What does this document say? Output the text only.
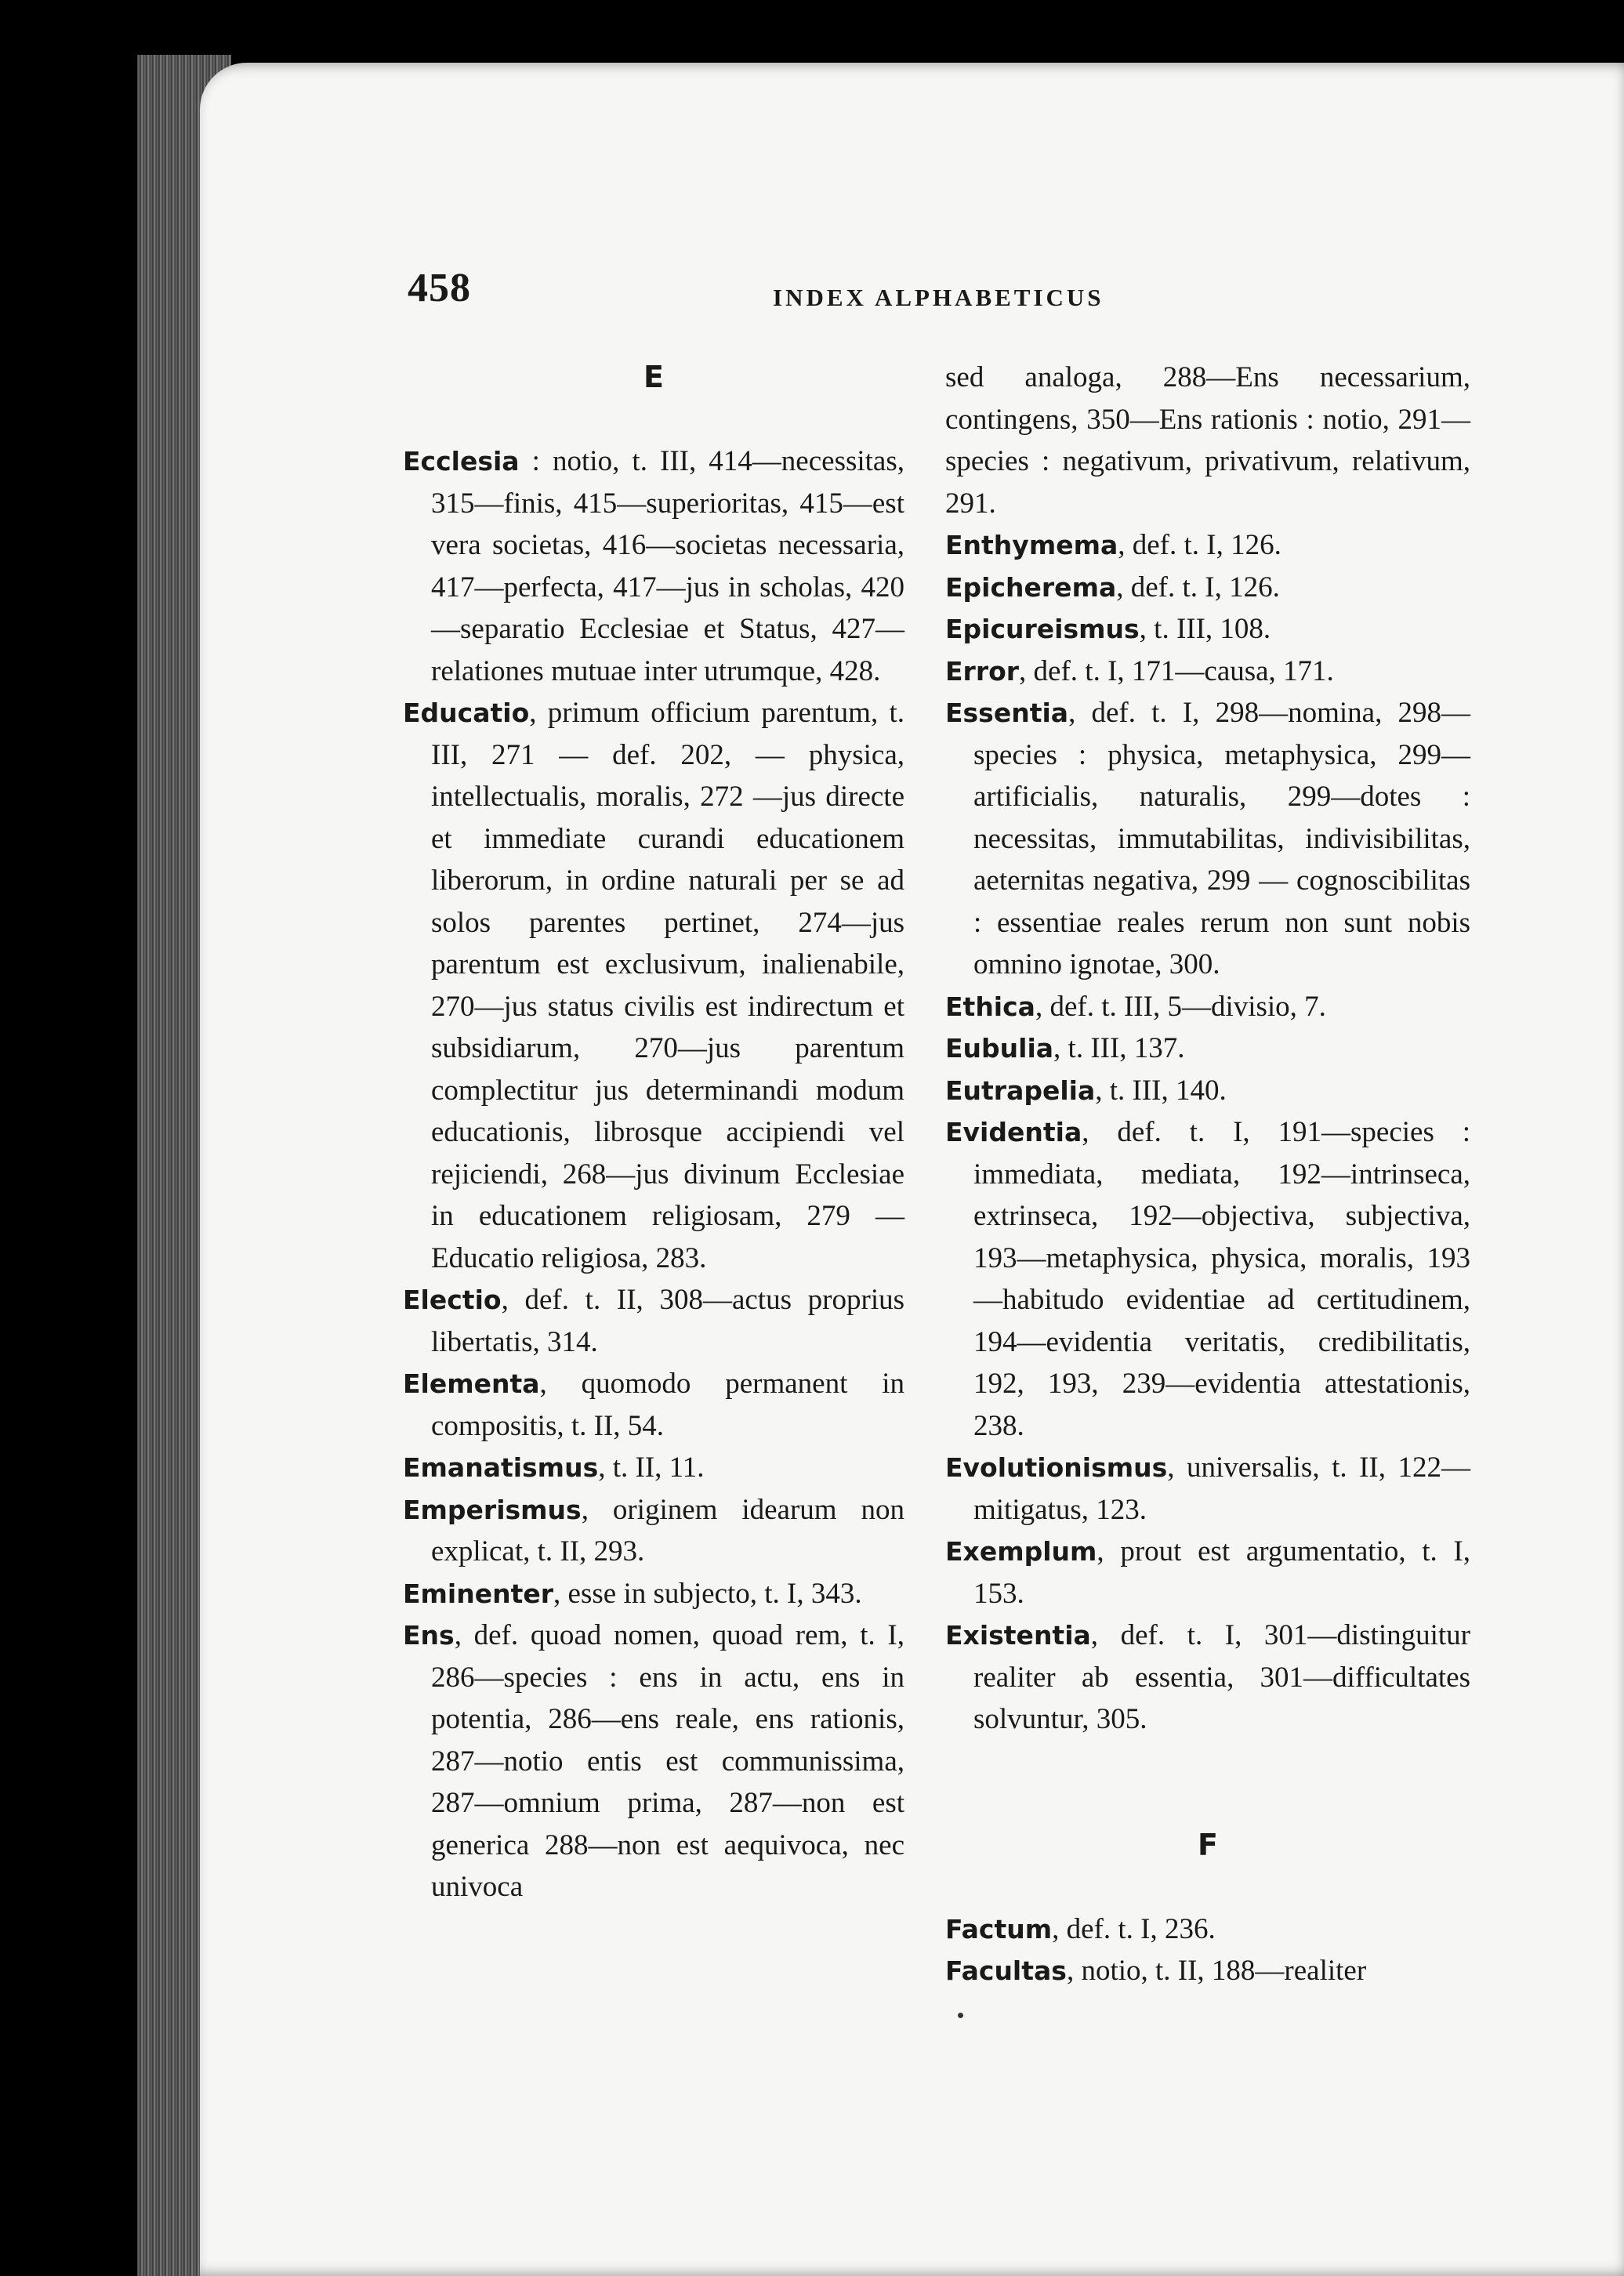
458	INDEX ALPHABETICUS
E

Ecclesia : notio, t. III, 414—necessitas, 315—finis, 415—superioritas, 415—est vera societas, 416—societas necessaria, 417—perfecta, 417—jus in scholas, 420—separatio Ecclesiae et Status, 427—relationes mutuae inter utrumque, 428.

Educatio, primum officium parentum, t. III, 271 — def. 202, — physica, intellectualis, moralis, 272 —jus directe et immediate curandi educationem liberorum, in ordine naturali per se ad solos parentes pertinet, 274—jus parentum est exclusivum, inalienabile, 270—jus status civilis est indirectum et subsidiarum, 270—jus parentum complectitur jus determinandi modum educationis, librosque accipiendi vel rejiciendi, 268—jus divinum Ecclesiae in educationem religiosam, 279 — Educatio religiosa, 283.

Electio, def. t. II, 308—actus proprius libertatis, 314.

Elementa, quomodo permanent in compositis, t. II, 54.

Emanatismus, t. II, 11.

Emperismus, originem idearum non explicat, t. II, 293.

Eminenter, esse in subjecto, t. I, 343.

Ens, def. quoad nomen, quoad rem, t. I, 286—species : ens in actu, ens in potentia, 286—ens reale, ens rationis, 287—notio entis est communissima, 287—omnium prima, 287—non est generica 288—non est aequivoca, nec univoca

sed analoga, 288—Ens necessarium, contingens, 350—Ens rationis : notio, 291—species : negativum, privativum, relativum, 291.

Enthymema, def. t. I, 126.

Epicherema, def. t. I, 126.

Epicureismus, t. III, 108.

Error, def. t. I, 171—causa, 171.

Essentia, def. t. I, 298—nomina, 298—species : physica, metaphysica, 299—artificialis, naturalis, 299—dotes : necessitas, immutabilitas, indivisibilitas, aeternitas negativa, 299 — cognoscibilitas : essentiae reales rerum non sunt nobis omnino ignotae, 300.

Ethica, def. t. III, 5—divisio, 7.

Eubulia, t. III, 137.

Eutrapelia, t. III, 140.

Evidentia, def. t. I, 191—species : immediata, mediata, 192—intrinseca, extrinseca, 192—objectiva, subjectiva, 193—metaphysica, physica, moralis, 193—habitudo evidentiae ad certitudinem, 194—evidentia veritatis, credibilitatis, 192, 193, 239—evidentia attestationis, 238.

Evolutionismus, universalis, t. II, 122—mitigatus, 123.

Exemplum, prout est argumentatio, t. I, 153.

Existentia, def. t. I, 301—distinguitur realiter ab essentia, 301—difficultates solvuntur, 305.

F

Factum, def. t. I, 236.

Facultas, notio, t. II, 188—realiter
